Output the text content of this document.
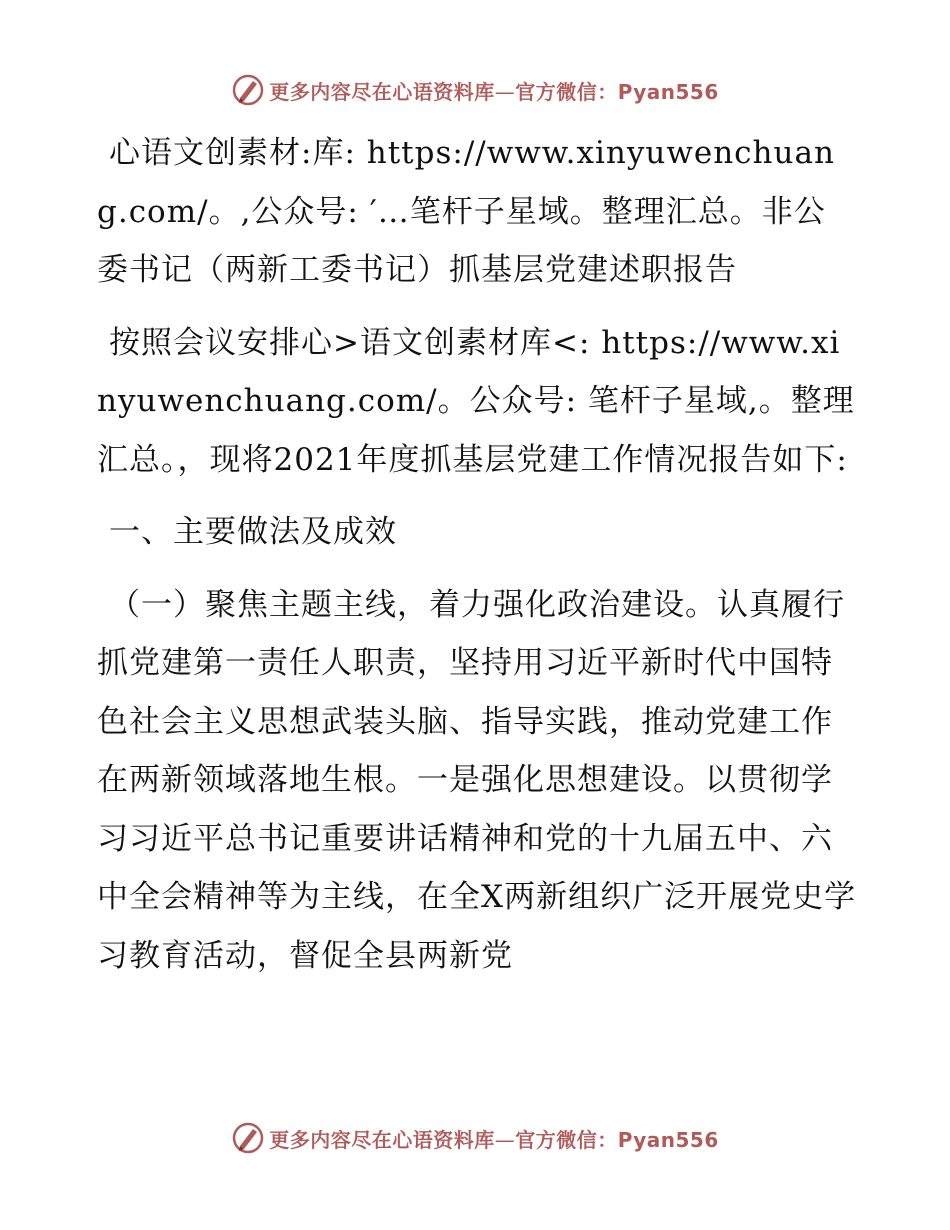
更多内容尽在心语资料库—官方微信：Pyan556

心语文创素材:库: https://www.xinyuwenchuang.com/。,公众号: ′…笔杆子星域。整理汇总。非公委书记（两新工委书记）抓基层党建述职报告

按照会议安排心>语文创素材库<: https://www.xinyuwenchuang.com/。公众号: 笔杆子星域,。整理汇总。，现将2021年度抓基层党建工作情况报告如下:

一、主要做法及成效

（一）聚焦主题主线，着力强化政治建设。认真履行抓党建第一责任人职责，坚持用习近平新时代中国特色社会主义思想武装头脑、指导实践，推动党建工作在两新领域落地生根。一是强化思想建设。以贯彻学习习近平总书记重要讲话精神和党的十九届五中、六中全会精神等为主线，在全X两新组织广泛开展党史学习教育活动，督促全县两新党

更多内容尽在心语资料库—官方微信：Pyan556
